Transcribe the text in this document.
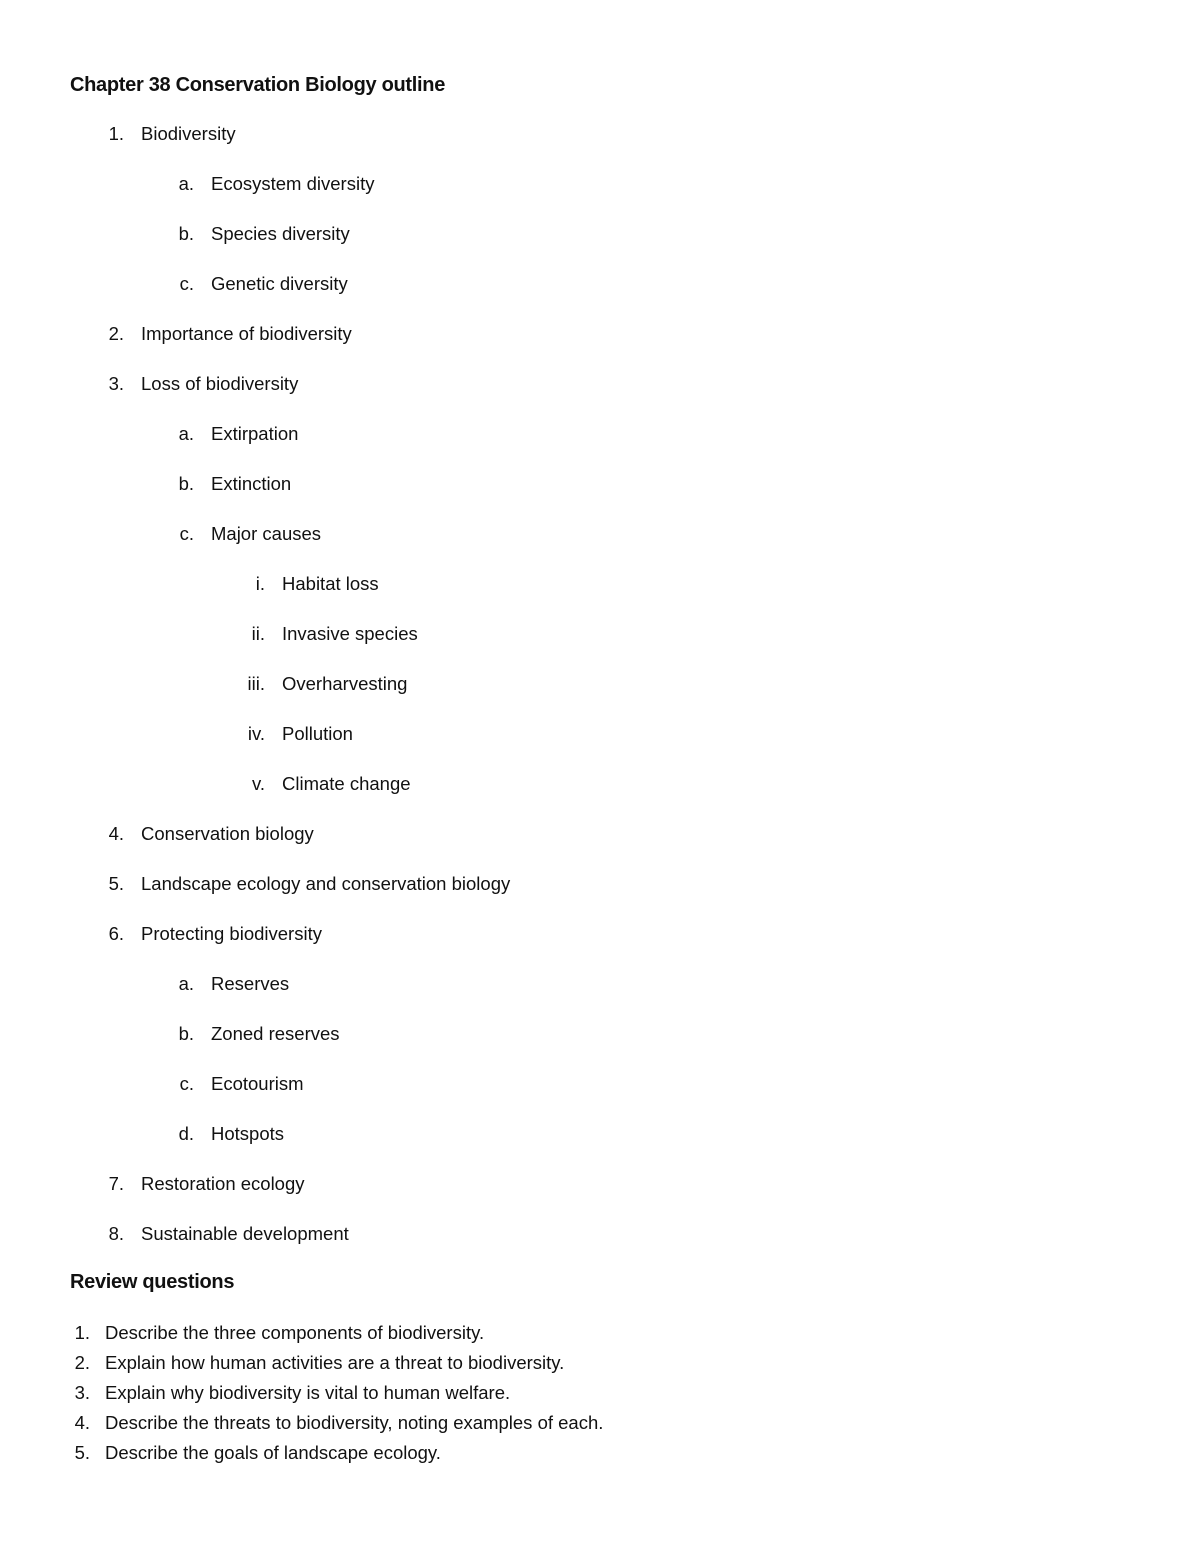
Chapter 38 Conservation Biology outline
1. Biodiversity
a. Ecosystem diversity
b. Species diversity
c. Genetic diversity
2. Importance of biodiversity
3. Loss of biodiversity
a. Extirpation
b. Extinction
c. Major causes
i. Habitat loss
ii. Invasive species
iii. Overharvesting
iv. Pollution
v. Climate change
4. Conservation biology
5. Landscape ecology and conservation biology
6. Protecting biodiversity
a. Reserves
b. Zoned reserves
c. Ecotourism
d. Hotspots
7. Restoration ecology
8. Sustainable development
Review questions
1. Describe the three components of biodiversity.
2. Explain how human activities are a threat to biodiversity.
3. Explain why biodiversity is vital to human welfare.
4. Describe the threats to biodiversity, noting examples of each.
5. Describe the goals of landscape ecology.
